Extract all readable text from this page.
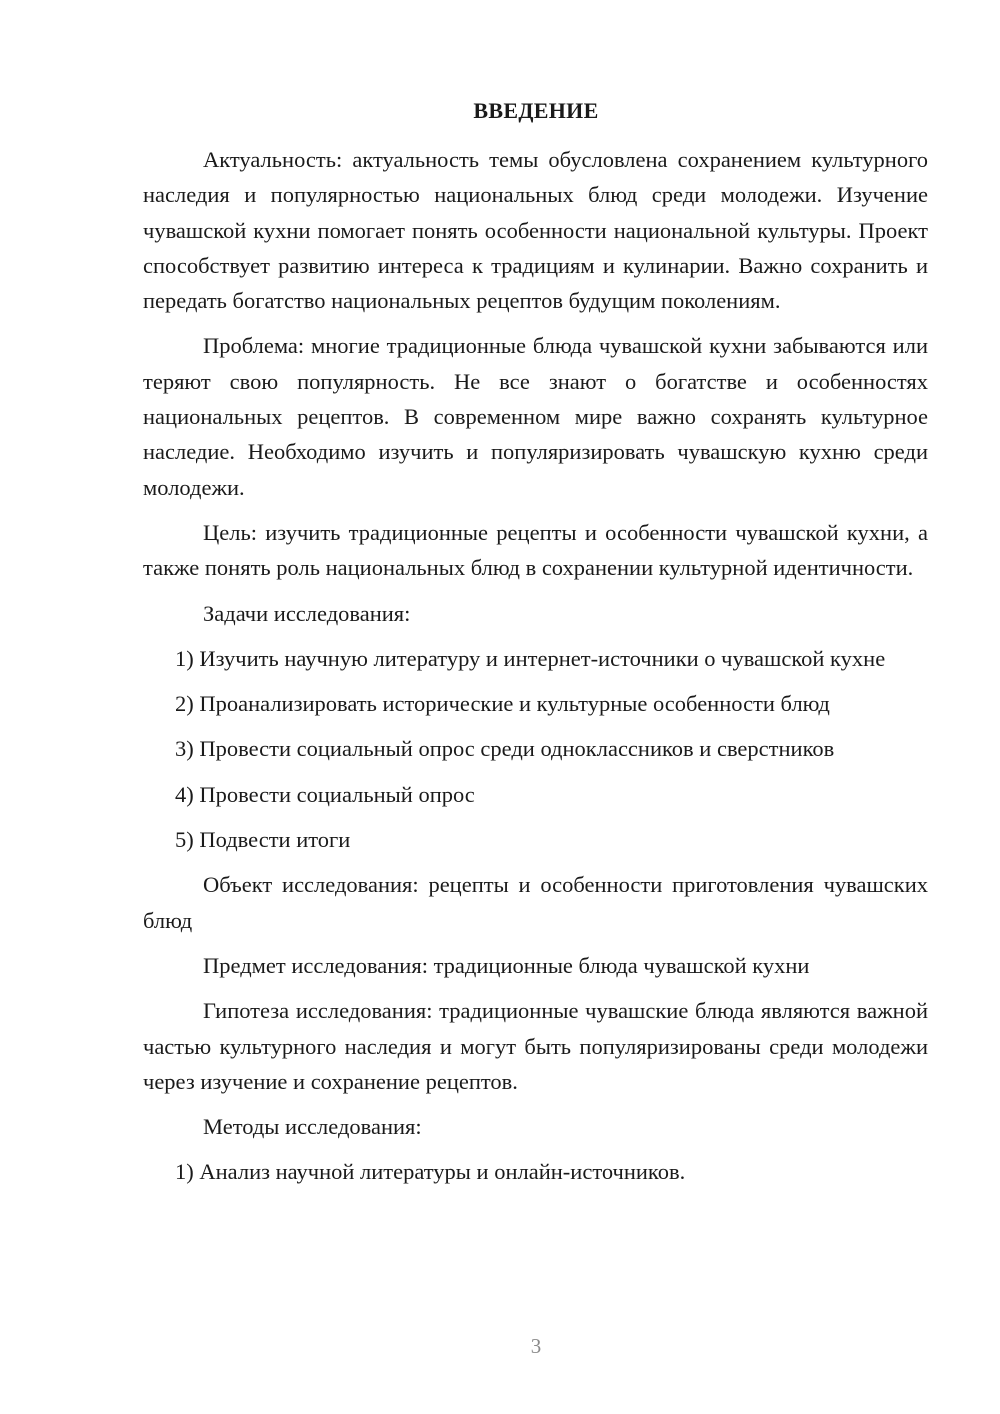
ВВЕДЕНИЕ

Актуальность: актуальность темы обусловлена сохранением культурного наследия и популярностью национальных блюд среди молодежи. Изучение чувашской кухни помогает понять особенности национальной культуры. Проект способствует развитию интереса к традициям и кулинарии. Важно сохранить и передать богатство национальных рецептов будущим поколениям.

Проблема: многие традиционные блюда чувашской кухни забываются или теряют свою популярность. Не все знают о богатстве и особенностях национальных рецептов. В современном мире важно сохранять культурное наследие. Необходимо изучить и популяризировать чувашскую кухню среди молодежи.

Цель: изучить традиционные рецепты и особенности чувашской кухни, а также понять роль национальных блюд в сохранении культурной идентичности.

Задачи исследования:

1) Изучить научную литературу и интернет-источники о чувашской кухне

2) Проанализировать исторические и культурные особенности блюд

3) Провести социальный опрос среди одноклассников и сверстников

4) Провести социальный опрос

5) Подвести итоги

Объект исследования: рецепты и особенности приготовления чувашских блюд

Предмет исследования: традиционные блюда чувашской кухни

Гипотеза исследования: традиционные чувашские блюда являются важной частью культурного наследия и могут быть популяризированы среди молодежи через изучение и сохранение рецептов.

Методы исследования:

1) Анализ научной литературы и онлайн-источников.

3
